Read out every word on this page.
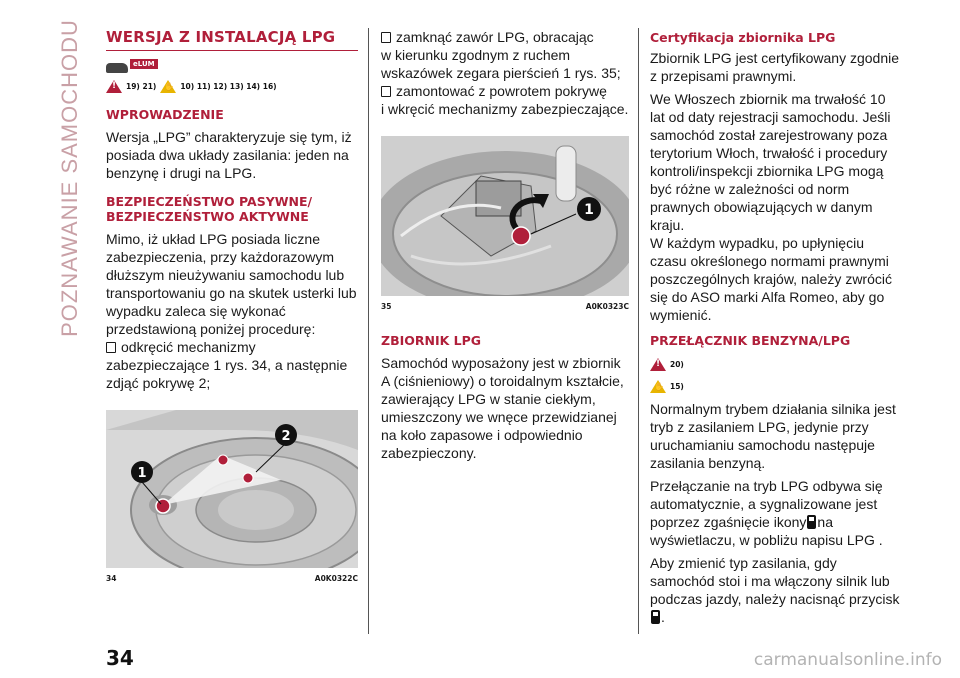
POZNAWANIE SAMOCHODU WERSJA Z INSTALACJĄ LPG
eLUM
!
19) 21)
✋	10) 11) 12) 13) 14) 16)
WPROWADZENIE

Wersja „LPG” charakteryzuje się tym, iż posiada dwa układy zasilania: jeden na benzynę i drugi na LPG.

BEZPIECZEŃSTWO PASYWNE/
BEZPIECZEŃSTWO AKTYWNE

Mimo, iż układ LPG posiada liczne zabezpieczenia, przy każdorazowym dłuższym nieużywaniu samochodu lub transportowaniu go na skutek usterki lub wypadku zaleca się wykonać przedstawioną poniżej procedurę:

odkręcić mechanizmy zabezpieczające 1 rys. 34, a następnie zdjąć pokrywę 2;

1
2
34	A0K0322C

zamknąć zawór LPG, obracając

w kierunku zgodnym z ruchem

wskazówek zegara pierścień 1 rys. 35;

zamontować z powrotem pokrywę

i wkręcić mechanizmy zabezpieczające.

1
35	A0K0323C
ZBIORNIK LPG

Samochód wyposażony jest w zbiornik A (ciśnieniowy) o toroidalnym kształcie, zawierający LPG w stanie ciekłym, umieszczony we wnęce przewidzianej na koło zapasowe i odpowiednio zabezpieczony.

Certyfikacja zbiornika LPG

Zbiornik LPG jest certyfikowany zgodnie z przepisami prawnymi.

We Włoszech zbiornik ma trwałość 10 lat od daty rejestracji samochodu. Jeśli samochód został zarejestrowany poza terytorium Włoch, trwałość i procedury kontroli/inspekcji zbiornika LPG mogą być różne w zależności od norm prawnych obowiązujących w danym kraju.

W każdym wypadku, po upłynięciu czasu określonego normami prawnymi poszczególnych krajów, należy zwrócić się do ASO marki Alfa Romeo, aby go wymienić.

PRZEŁĄCZNIK BENZYNA/LPG
!
20)
✋
15)

Normalnym trybem działania silnika jest tryb z zasilaniem LPG, jedynie przy uruchamianiu samochodu następuje zasilania benzyną.

Przełączanie na tryb LPG odbywa się automatycznie, a sygnalizowane jest poprzez zgaśnięcie ikony na wyświetlaczu, w pobliżu napisu LPG .

Aby zmienić typ zasilania, gdy samochód stoi i ma włączony silnik lub podczas jazdy, należy nacisnąć przycisk.

34	carmanualsonline.info
